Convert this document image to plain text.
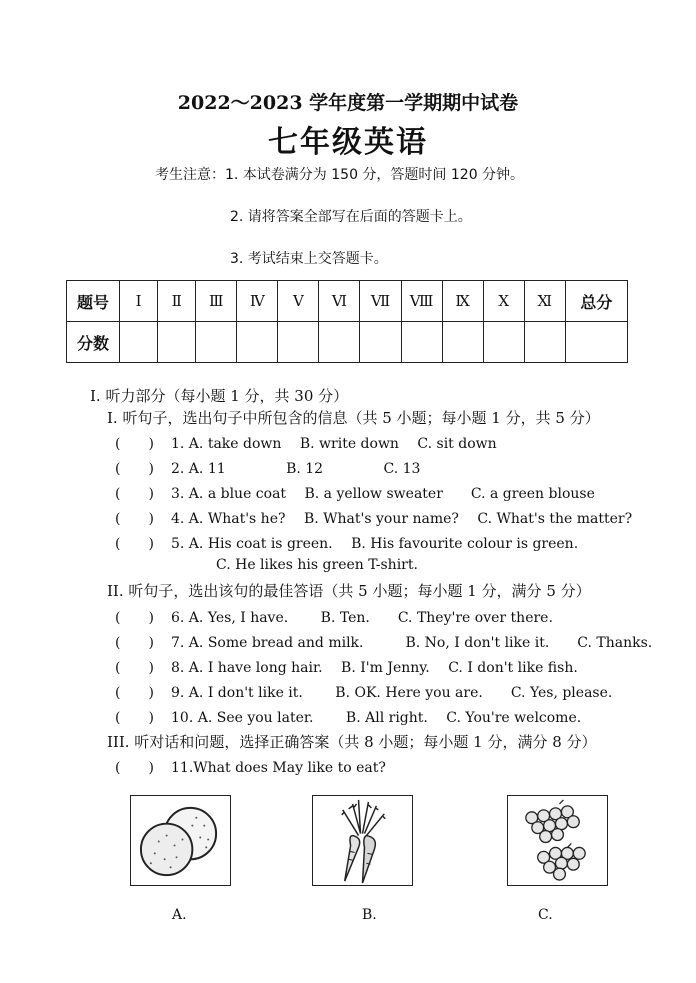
2022～2023 学年度第一学期期中试卷
七年级英语
考生注意：1. 本试卷满分为 150 分，答题时间 120 分钟。
2. 请将答案全部写在后面的答题卡上。
3. 考试结束上交答题卡。
题号	Ⅰ	Ⅱ	Ⅲ	Ⅳ	Ⅴ	Ⅵ	Ⅶ	Ⅷ	Ⅸ	Ⅹ	Ⅺ	总分
分数												
I. 听力部分（每小题 1 分，共 30 分）
I. 听句子，选出句子中所包含的信息（共 5 小题；每小题 1 分，共 5 分）
(　　) 1. A. take down　 B. write down　 C. sit down
(　　) 2. A. 11　　　　 B. 12　　　　 C. 13
(　　) 3. A. a blue coat　 B. a yellow sweater　　C. a green blouse
(　　) 4. A. What's he?　 B. What's your name?　 C. What's the matter?
(　　) 5. A. His coat is green.　 B. His favourite colour is green.
C. He likes his green T-shirt.
II. 听句子，选出该句的最佳答语（共 5 小题；每小题 1 分，满分 5 分）
(　　) 6. A. Yes, I have.　　 B. Ten.　　C. They're over there.
(　　) 7. A. Some bread and milk.　　　B. No, I don't like it.　　C. Thanks.
(　　) 8. A. I have long hair.　 B. I'm Jenny.　 C. I don't like fish.
(　　) 9. A. I don't like it.　　 B. OK. Here you are.　　C. Yes, please.
(　　) 10. A. See you later.　　 B. All right.　 C. You're welcome.
III. 听对话和问题，选择正确答案（共 8 小题；每小题 1 分，满分 8 分）
(　　) 11.What does May like to eat?
A.	B.	C.
